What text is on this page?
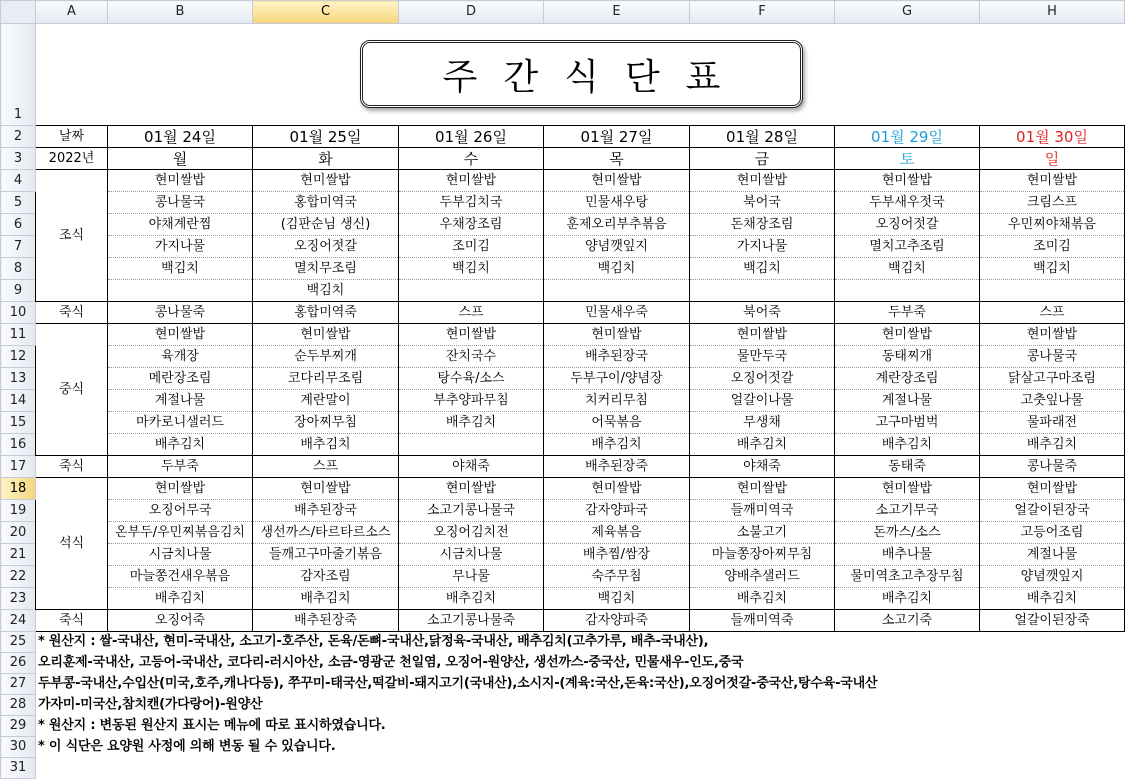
	A	B	C	D	E	F	G	H
1								
2	날짜	01월 24일	01월 25일	01월 26일	01월 27일	01월 28일	01월 29일	01월 30일
3	2022년	월	화	수	목	금	토	일
4	조식	현미쌀밥	현미쌀밥	현미쌀밥	현미쌀밥	현미쌀밥	현미쌀밥	현미쌀밥
5		콩나물국	홍합미역국	두부김치국	민물새우탕	북어국	두부새우젓국	크림스프
6		야채계란찜	(김판순님 생신)	우채장조림	훈제오리부추볶음	돈채장조림	오징어젓갈	우민찌야채볶음
7		가지나물	오징어젓갈	조미김	양념깻잎지	가지나물	멸치고추조림	조미김
8		백김치	멸치무조림	백김치	백김치	백김치	백김치	백김치
9			백김치					
10	죽식	콩나물죽	홍합미역죽	스프	민물새우죽	북어죽	두부죽	스프
11	중식	현미쌀밥	현미쌀밥	현미쌀밥	현미쌀밥	현미쌀밥	현미쌀밥	현미쌀밥
12		육개장	순두부찌개	잔치국수	배추된장국	물만두국	동태찌개	콩나물국
13		메란장조림	코다리무조림	탕수육/소스	두부구이/양념장	오징어젓갈	계란장조림	닭살고구마조림
14		계절나물	계란말이	부추양파무침	치커리무침	얼갈이나물	계절나물	고춧잎나물
15		마카로니샐러드	장아찌무침	배추김치	어묵볶음	무생채	고구마범벅	물파래전
16		배추김치	배추김치		배추김치	배추김치	배추김치	배추김치
17	죽식	두부죽	스프	야채죽	배추된장죽	야채죽	동태죽	콩나물죽
18	석식	현미쌀밥	현미쌀밥	현미쌀밥	현미쌀밥	현미쌀밥	현미쌀밥	현미쌀밥
19		오징어무국	배추된장국	소고기콩나물국	감자양파국	들깨미역국	소고기무국	얼갈이된장국
20		온부두/우민찌볶음김치	생선까스/타르타르소스	오징어김치전	제육볶음	소불고기	돈까스/소스	고등어조림
21		시금치나물	들깨고구마줄기볶음	시금치나물	배추찜/쌈장	마늘쫑장아찌무침	배추나물	계절나물
22		마늘쫑건새우볶음	감자조림	무나물	숙주무침	양배추샐러드	물미역초고추장무침	양념깻잎지
23		배추김치	배추김치	배추김치	백김치	배추김치	배추김치	배추김치
24	죽식	오징어죽	배추된장죽	소고기콩나물죽	감자양파죽	들깨미역죽	소고기죽	얼갈이된장죽
25	* 원산지 : 쌀-국내산, 현미-국내산, 소고기-호주산, 돈육/돈뼈-국내산,닭정육-국내산, 배추김치(고추가루, 배추-국내산),							
26	오리훈제-국내산, 고등어-국내산, 코다리-러시아산, 소금-영광군 천일염, 오징어-원양산, 생선까스-중국산, 민물새우-인도,중국							
27	두부콩-국내산,수입산(미국,호주,캐나다등), 쭈꾸미-태국산,떡갈비-돼지고기(국내산),소시지-(계육:국산,돈육:국산),오징어젓갈-중국산,탕수육-국내산							
28	가자미-미국산,참치캔(가다랑어)-원양산							
29	* 원산지 : 변동된 원산지 표시는 메뉴에 따로 표시하였습니다.							
30	* 이 식단은 요양원 사정에 의해 변동 될 수 있습니다.							
31								
주간식단표
